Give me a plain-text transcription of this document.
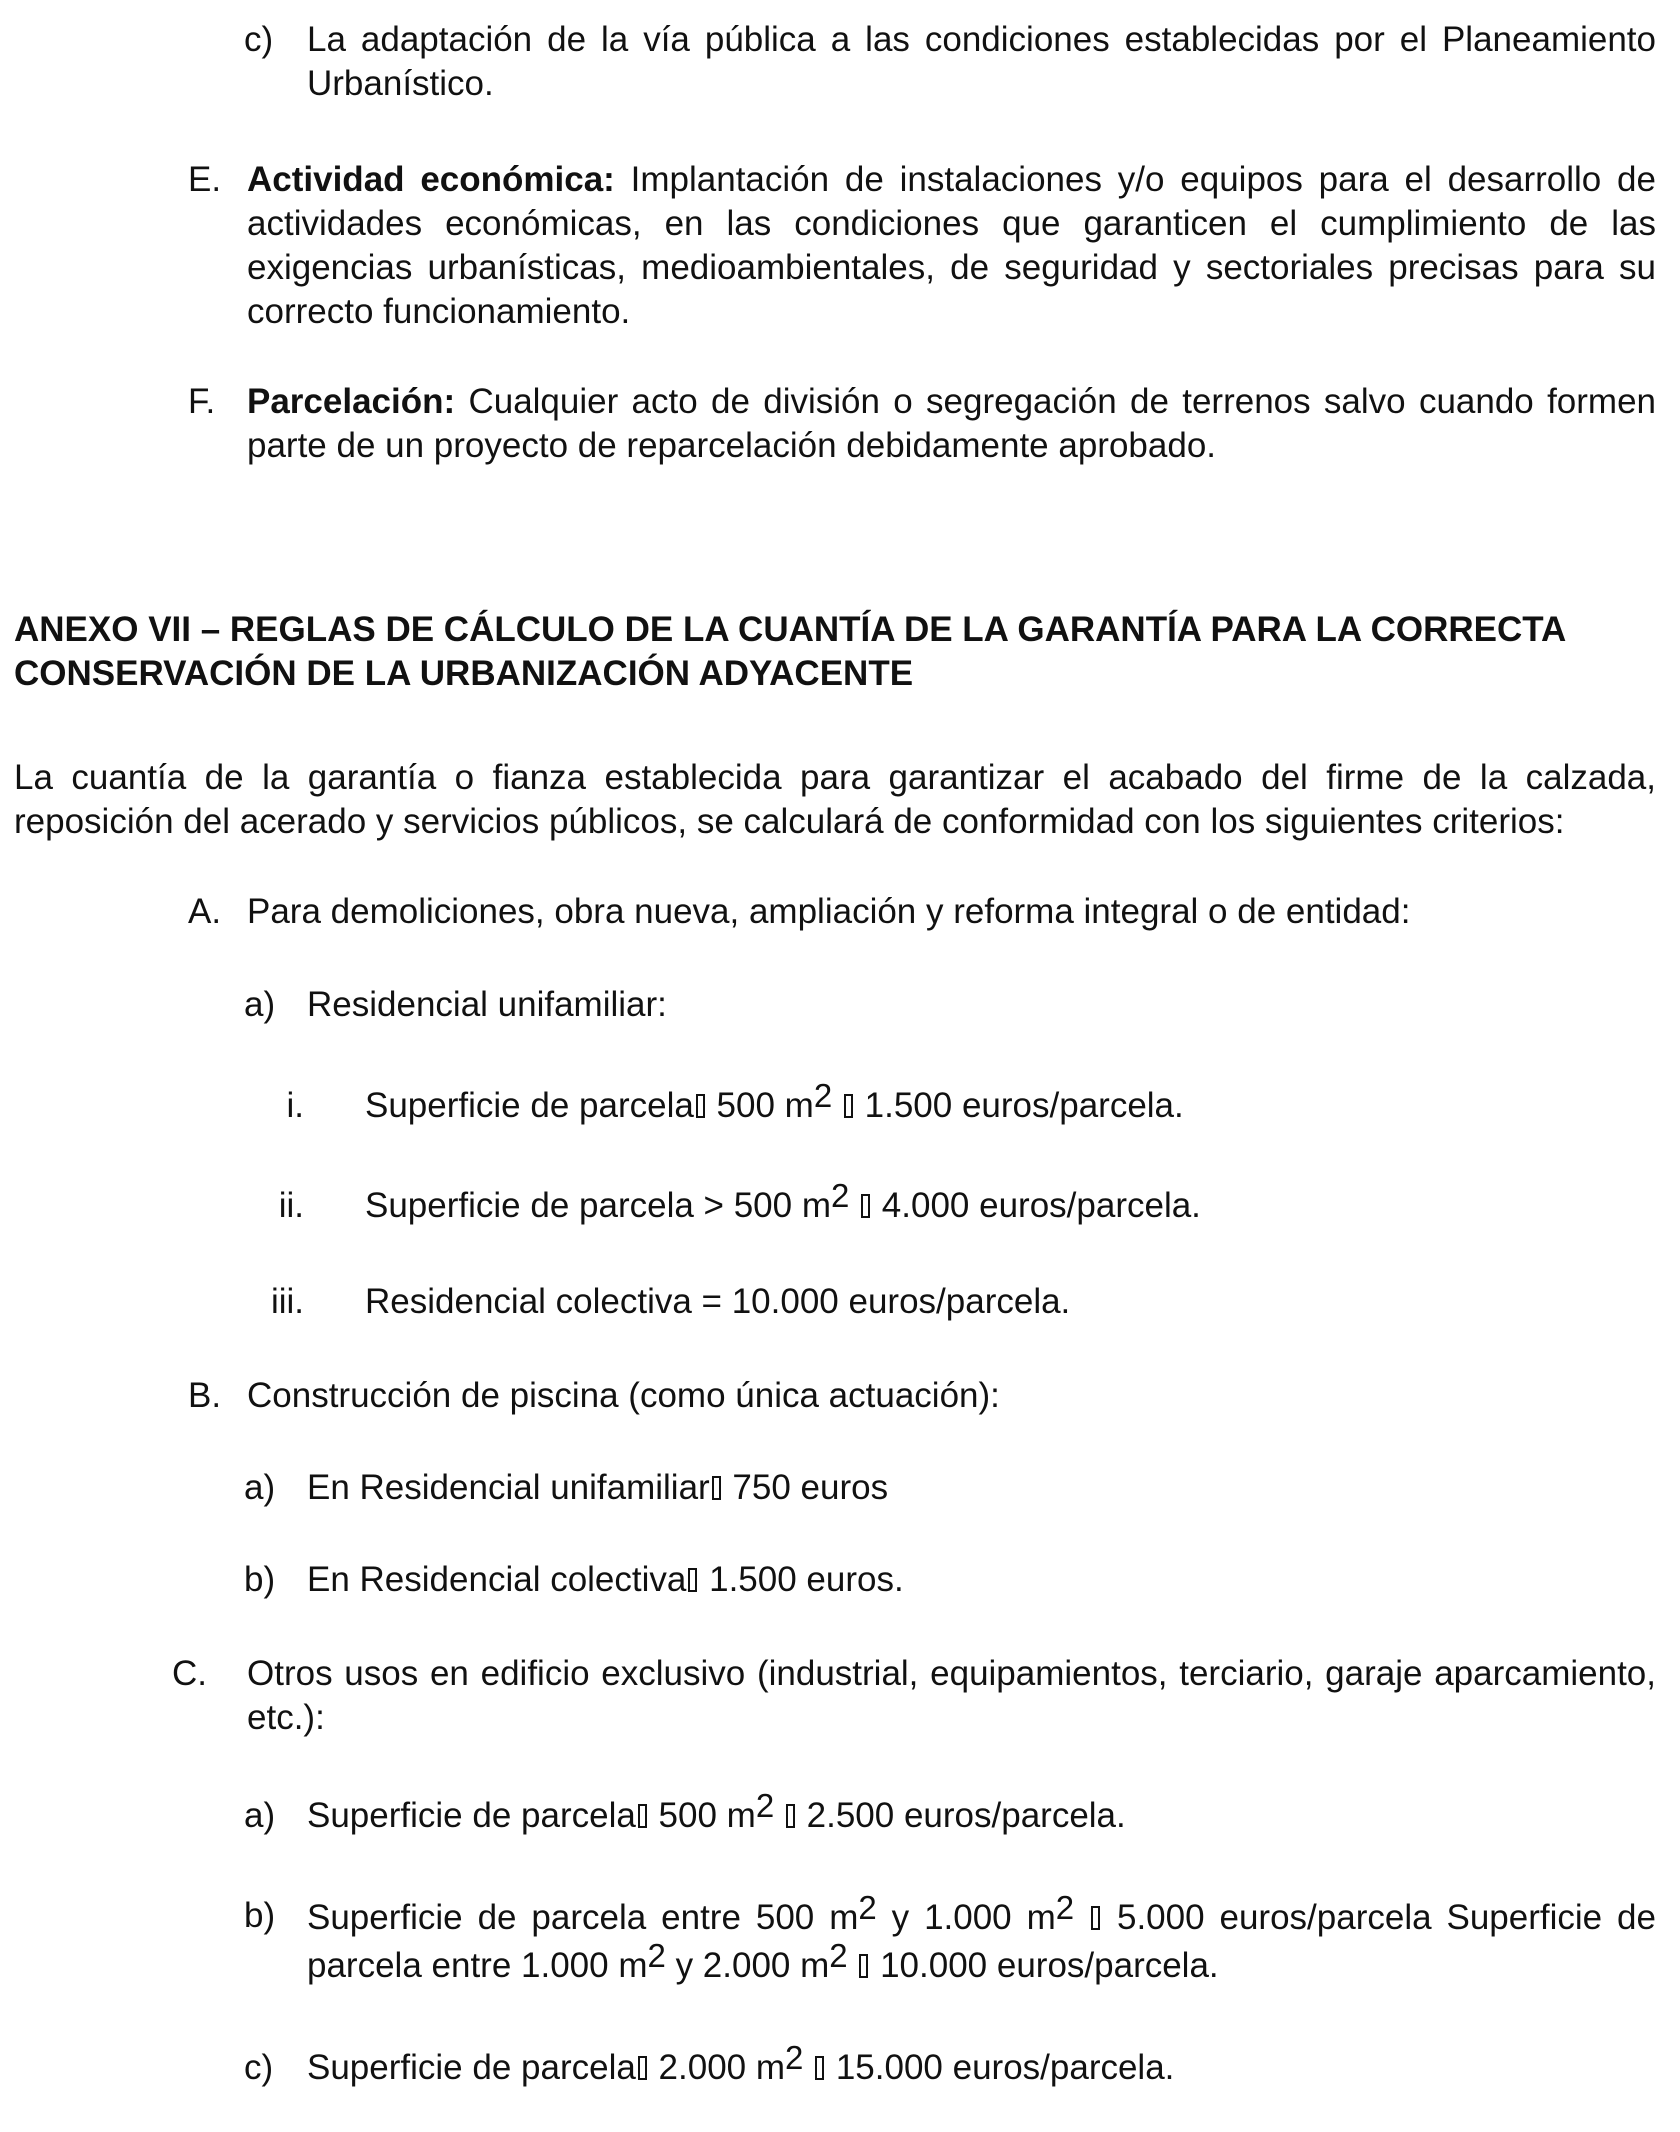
c) La adaptación de la vía pública a las condiciones establecidas por el Planeamiento Urbanístico.
E. Actividad económica: Implantación de instalaciones y/o equipos para el desarrollo de actividades económicas, en las condiciones que garanticen el cumplimiento de las exigencias urbanísticas, medioambientales, de seguridad y sectoriales precisas para su correcto funcionamiento.
F. Parcelación: Cualquier acto de división o segregación de terrenos salvo cuando formen parte de un proyecto de reparcelación debidamente aprobado.
ANEXO VII – REGLAS DE CÁLCULO DE LA CUANTÍA DE LA GARANTÍA PARA LA CORRECTA CONSERVACIÓN DE LA URBANIZACIÓN ADYACENTE
La cuantía de la garantía o fianza establecida para garantizar el acabado del firme de la calzada, reposición del acerado y servicios públicos, se calculará de conformidad con los siguientes criterios:
A. Para demoliciones, obra nueva, ampliación y reforma integral o de entidad:
a) Residencial unifamiliar:
i. Superficie de parcela 500 m2  1.500 euros/parcela.
ii. Superficie de parcela > 500 m2  4.000 euros/parcela.
iii. Residencial colectiva = 10.000 euros/parcela.
B. Construcción de piscina (como única actuación):
a) En Residencial unifamiliar 750 euros
b) En Residencial colectiva 1.500 euros.
C. Otros usos en edificio exclusivo (industrial, equipamientos, terciario, garaje aparcamiento, etc.):
a) Superficie de parcela 500 m2  2.500 euros/parcela.
b) Superficie de parcela entre 500 m2 y 1.000 m2  5.000 euros/parcela Superficie de parcela entre 1.000 m2 y 2.000 m2  10.000 euros/parcela.
c) Superficie de parcela 2.000 m2  15.000 euros/parcela.
